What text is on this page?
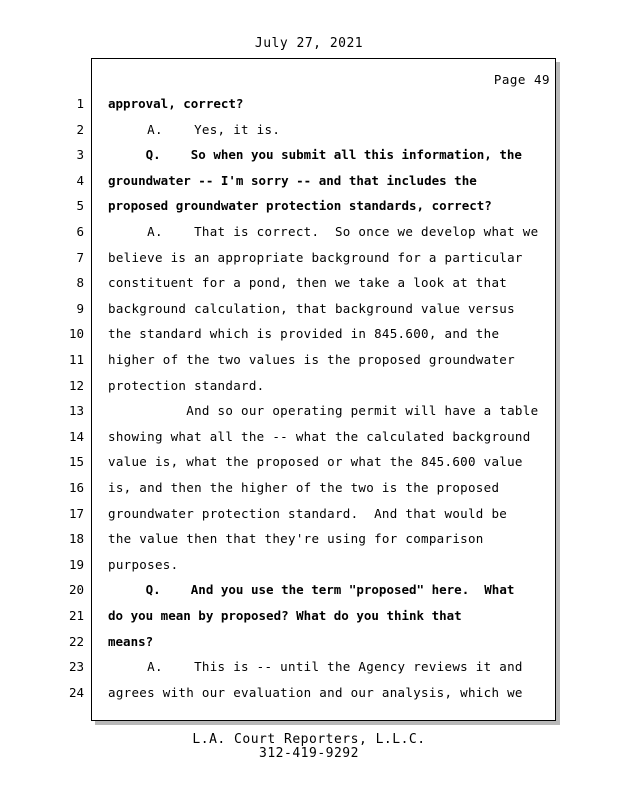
July 27, 2021
Page 49
1 approval, correct?
2 A.    Yes, it is.
3 Q.    So when you submit all this information, the
4 groundwater -- I'm sorry -- and that includes the
5 proposed groundwater protection standards, correct?
6 A.    That is correct.  So once we develop what we
7 believe is an appropriate background for a particular
8 constituent for a pond, then we take a look at that
9 background calculation, that background value versus
10 the standard which is provided in 845.600, and the
11 higher of the two values is the proposed groundwater
12 protection standard.
13 And so our operating permit will have a table
14 showing what all the -- what the calculated background
15 value is, what the proposed or what the 845.600 value
16 is, and then the higher of the two is the proposed
17 groundwater protection standard.  And that would be
18 the value then that they're using for comparison
19 purposes.
20 Q.    And you use the term "proposed" here.  What
21 do you mean by proposed? What do you think that
22 means?
23 A.    This is -- until the Agency reviews it and
24 agrees with our evaluation and our analysis, which we
L.A. Court Reporters, L.L.C.
312-419-9292
